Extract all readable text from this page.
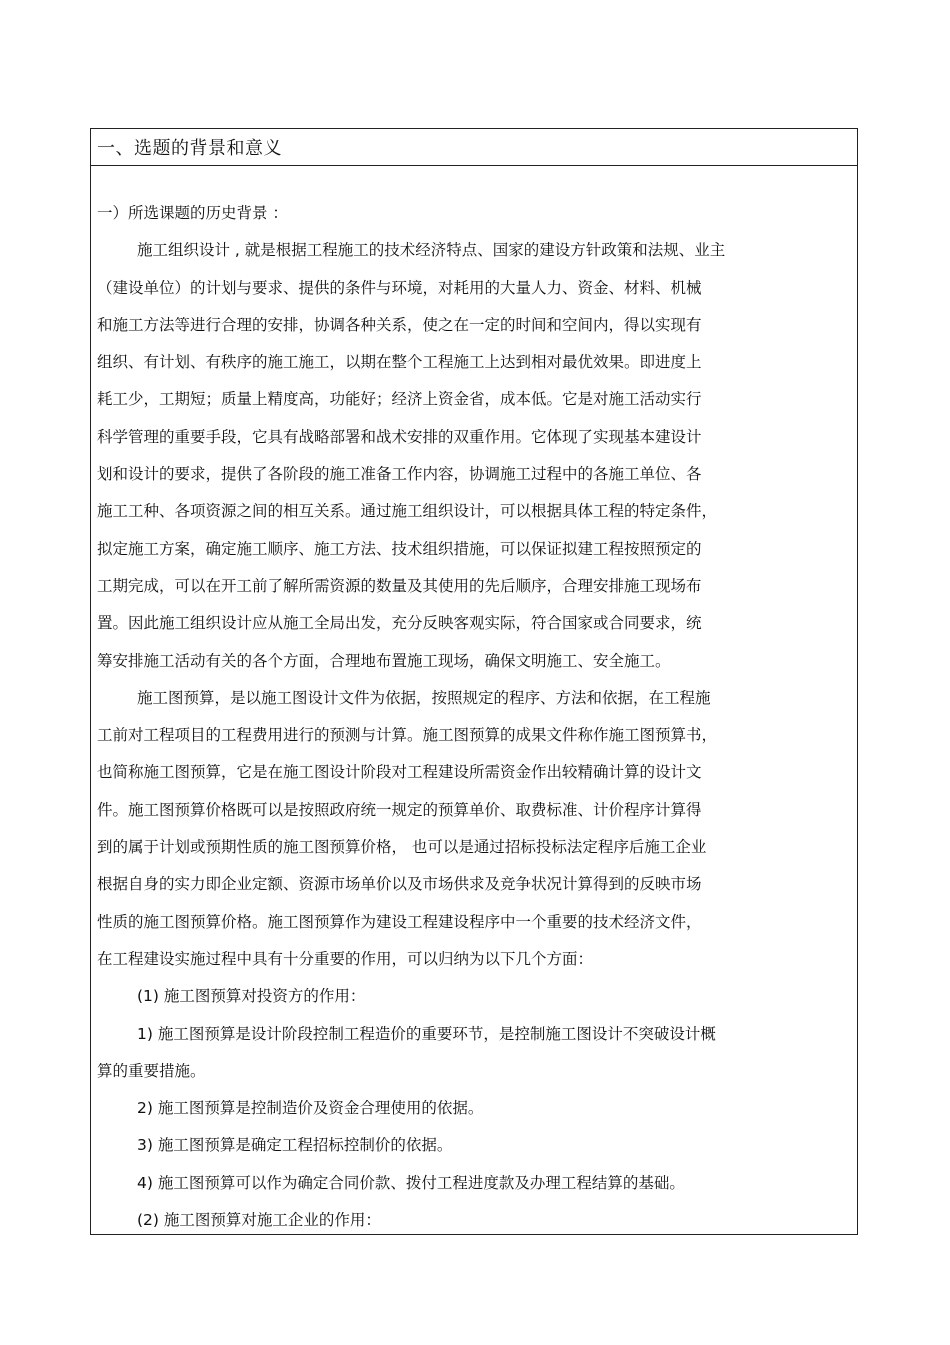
一、选题的背景和意义
一）所选课题的历史背景 ：
施工组织设计 , 就是根据工程施工的技术经济特点、国家的建设方针政策和法规、业主
（建设单位）的计划与要求、提供的条件与环境，对耗用的大量人力、资金、材料、机械
和施工方法等进行合理的安排，协调各种关系，使之在一定的时间和空间内，得以实现有
组织、有计划、有秩序的施工施工，以期在整个工程施工上达到相对最优效果。即进度上
耗工少，工期短；质量上精度高，功能好；经济上资金省，成本低。它是对施工活动实行
科学管理的重要手段，它具有战略部署和战术安排的双重作用。它体现了实现基本建设计
划和设计的要求，提供了各阶段的施工准备工作内容，协调施工过程中的各施工单位、各
施工工种、各项资源之间的相互关系。通过施工组织设计，可以根据具体工程的特定条件，
拟定施工方案，确定施工顺序、施工方法、技术组织措施，可以保证拟建工程按照预定的
工期完成，可以在开工前了解所需资源的数量及其使用的先后顺序，合理安排施工现场布
置。因此施工组织设计应从施工全局出发，充分反映客观实际，符合国家或合同要求，统
筹安排施工活动有关的各个方面，合理地布置施工现场，确保文明施工、安全施工。
施工图预算，是以施工图设计文件为依据，按照规定的程序、方法和依据，在工程施
工前对工程项目的工程费用进行的预测与计算。施工图预算的成果文件称作施工图预算书，
也简称施工图预算，它是在施工图设计阶段对工程建设所需资金作出较精确计算的设计文
件。施工图预算价格既可以是按照政府统一规定的预算单价、取费标准、计价程序计算得
到的属于计划或预期性质的施工图预算价格， 也可以是通过招标投标法定程序后施工企业
根据自身的实力即企业定额、资源市场单价以及市场供求及竞争状况计算得到的反映市场
性质的施工图预算价格。施工图预算作为建设工程建设程序中一个重要的技术经济文件，
在工程建设实施过程中具有十分重要的作用，可以归纳为以下几个方面：
(1) 施工图预算对投资方的作用：
1) 施工图预算是设计阶段控制工程造价的重要环节，是控制施工图设计不突破设计概
算的重要措施。
2) 施工图预算是控制造价及资金合理使用的依据。
3) 施工图预算是确定工程招标控制价的依据。
4) 施工图预算可以作为确定合同价款、拨付工程进度款及办理工程结算的基础。
(2) 施工图预算对施工企业的作用：
